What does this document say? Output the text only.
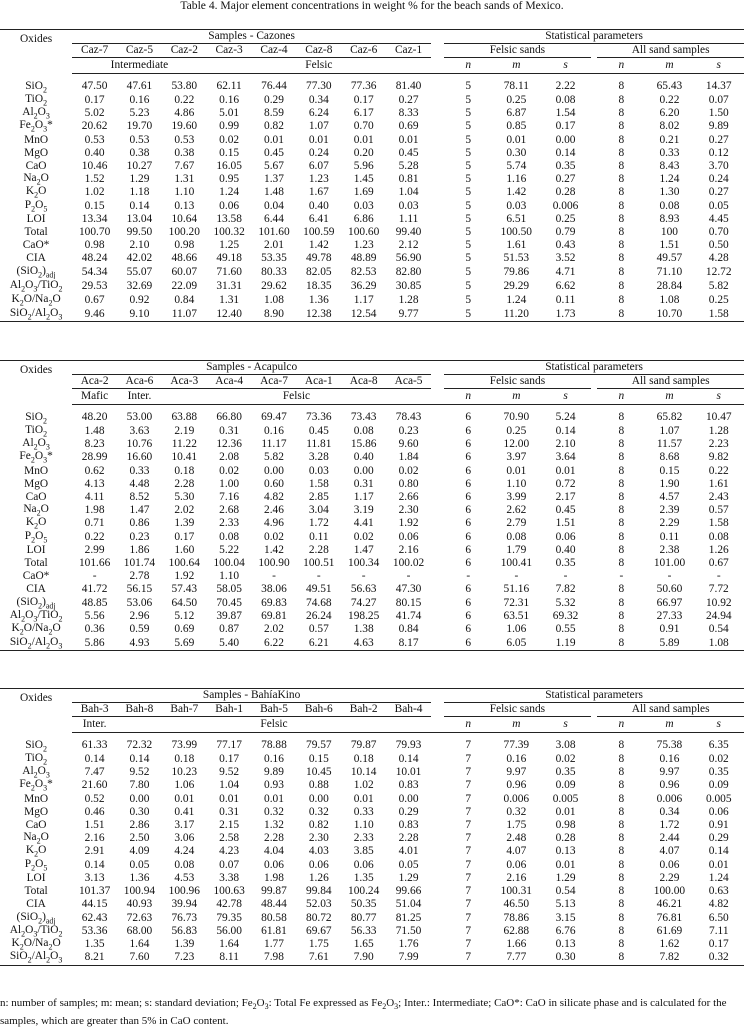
Table 4. Major element concentrations in weight % for the beach sands of Mexico.
Oxides	Samples - Cazones									Statistical parameters						
	Caz-7	Caz-5	Caz-2	Caz-3	Caz-4	Caz-8	Caz-6	Caz-1		Felsic sands				All sand samples		
	Intermediate			Felsic						n	m	s		n	m	s

SiO$_2$	47.50	47.61	53.80	62.11	76.44	77.30	77.36	81.40		5	78.11	2.22		8	65.43	14.37
TiO$_2$	0.17	0.16	0.22	0.16	0.29	0.34	0.17	0.27		5	0.25	0.08		8	0.22	0.07
$Al_2O_3$	5.02	5.23	4.86	5.01	8.59	6.24	6.17	8.33		5	6.87	1.54		8	6.20	1.50
$Fe_2O_3*$	20.62	19.70	19.60	0.99	0.82	1.07	0.70	0.69		5	0.85	0.17		8	8.02	9.89
MnO	0.53	0.53	0.53	0.02	0.01	0.01	0.01	0.01		5	0.01	0.00		8	0.21	0.27
MgO	0.40	0.38	0.38	0.15	0.45	0.24	0.20	0.45		5	0.30	0.14		8	0.33	0.12
CaO	10.46	10.27	7.67	16.05	5.67	6.07	5.96	5.28		5	5.74	0.35		8	8.43	3.70
$Na_2O$	1.52	1.29	1.31	0.95	1.37	1.23	1.45	0.81		5	1.16	0.27		8	1.24	0.24
$K_2O$	1.02	1.18	1.10	1.24	1.48	1.67	1.69	1.04		5	1.42	0.28		8	1.30	0.27
$P_2O_5$	0.15	0.14	0.13	0.06	0.04	0.40	0.03	0.03		5	0.03	0.006		8	0.08	0.05
LOI	13.34	13.04	10.64	13.58	6.44	6.41	6.86	1.11		5	6.51	0.25		8	8.93	4.45
Total	100.70	99.50	100.20	100.32	101.60	100.59	100.60	99.40		5	100.50	0.79		8	100	0.70
CaO*	0.98	2.10	0.98	1.25	2.01	1.42	1.23	2.12		5	1.61	0.43		8	1.51	0.50
CIA	48.24	42.02	48.66	49.18	53.35	49.78	48.89	56.90		5	51.53	3.52		8	49.57	4.28
$(SiO_2)_{adj}$	54.34	55.07	60.07	71.60	80.33	82.05	82.53	82.80		5	79.86	4.71		8	71.10	12.72
$Al_2O_3/TiO_2$	29.53	32.69	22.09	31.31	29.62	18.35	36.29	30.85		5	29.29	6.62		8	28.84	5.82
$K_2O/Na_2O$	0.67	0.92	0.84	1.31	1.08	1.36	1.17	1.28		5	1.24	0.11		8	1.08	0.25
$SiO_2/Al_2O_3$	9.46	9.10	11.07	12.40	8.90	12.38	12.54	9.77		5	11.20	1.73		8	10.70	1.58
Oxides	Samples - Acapulco									Statistical parameters						
	Aca-2	Aca-6	Aca-3	Aca-4	Aca-7	Aca-1	Aca-8	Aca-5		Felsic sands				All sand samples		
	Mafic	Inter.	Felsic							n	m	s		n	m	s

SiO$_2$	48.20	53.00	63.88	66.80	69.47	73.36	73.43	78.43		6	70.90	5.24		8	65.82	10.47
TiO$_2$	1.48	3.63	2.19	0.31	0.16	0.45	0.08	0.23		6	0.25	0.14		8	1.07	1.28
$Al_2O_3$	8.23	10.76	11.22	12.36	11.17	11.81	15.86	9.60		6	12.00	2.10		8	11.57	2.23
$Fe_2O_3*$	28.99	16.60	10.41	2.08	5.82	3.28	0.40	1.84		6	3.97	3.64		8	8.68	9.82
MnO	0.62	0.33	0.18	0.02	0.00	0.03	0.00	0.02		6	0.01	0.01		8	0.15	0.22
MgO	4.13	4.48	2.28	1.00	0.60	1.58	0.31	0.80		6	1.10	0.72		8	1.90	1.61
CaO	4.11	8.52	5.30	7.16	4.82	2.85	1.17	2.66		6	3.99	2.17		8	4.57	2.43
$Na_2O$	1.98	1.47	2.02	2.68	2.46	3.04	3.19	2.30		6	2.62	0.45		8	2.39	0.57
$K_2O$	0.71	0.86	1.39	2.33	4.96	1.72	4.41	1.92		6	2.79	1.51		8	2.29	1.58
$P_2O_5$	0.22	0.23	0.17	0.08	0.02	0.11	0.02	0.06		6	0.08	0.06		8	0.11	0.08
LOI	2.99	1.86	1.60	5.22	1.42	2.28	1.47	2.16		6	1.79	0.40		8	2.38	1.26
Total	101.66	101.74	100.64	100.04	100.90	100.51	100.34	100.02		6	100.41	0.35		8	101.00	0.67
CaO*	-	2.78	1.92	1.10	-	-	-	-		-	-	-		-	-	-
CIA	41.72	56.15	57.43	58.05	38.06	49.51	56.63	47.30		6	51.16	7.82		8	50.60	7.72
$(SiO_2)_{adj}$	48.85	53.06	64.50	70.45	69.83	74.68	74.27	80.15		6	72.31	5.32		8	66.97	10.92
$Al_2O_3/TiO_2$	5.56	2.96	5.12	39.87	69.81	26.24	198.25	41.74		6	63.51	69.32		8	27.33	24.94
$K_2O/Na_2O$	0.36	0.59	0.69	0.87	2.02	0.57	1.38	0.84		6	1.06	0.55		8	0.91	0.54
$SiO_2/Al_2O_3$	5.86	4.93	5.69	5.40	6.22	6.21	4.63	8.17		6	6.05	1.19		8	5.89	1.08
Oxides	Samples - BahíaKino									Statistical parameters						
	Bah-3	Bah-8	Bah-7	Bah-1	Bah-5	Bah-6	Bah-2	Bah-4		Felsic sands				All sand samples		
	Inter.	Felsic								n	m	s		n	m	s

SiO$_2$	61.33	72.32	73.99	77.17	78.88	79.57	79.87	79.93		7	77.39	3.08		8	75.38	6.35
TiO$_2$	0.14	0.14	0.18	0.17	0.16	0.15	0.18	0.14		7	0.16	0.02		8	0.16	0.02
$Al_2O_3$	7.47	9.52	10.23	9.52	9.89	10.45	10.14	10.01		7	9.97	0.35		8	9.97	0.35
$Fe_2O_3*$	21.60	7.80	1.06	1.04	0.93	0.88	1.02	0.83		7	0.96	0.09		8	0.96	0.09
MnO	0.52	0.00	0.01	0.01	0.01	0.00	0.01	0.00		7	0.006	0.005		8	0.006	0.005
MgO	0.46	0.30	0.41	0.31	0.32	0.32	0.33	0.29		7	0.32	0.01		8	0.34	0.06
CaO	1.51	2.86	3.17	2.15	1.32	0.82	1.10	0.83		7	1.75	0.98		8	1.72	0.91
$Na_2O$	2.16	2.50	3.06	2.58	2.28	2.30	2.33	2.28		7	2.48	0.28		8	2.44	0.29
$K_2O$	2.91	4.09	4.24	4.23	4.04	4.03	3.85	4.01		7	4.07	0.13		8	4.07	0.14
$P_2O_5$	0.14	0.05	0.08	0.07	0.06	0.06	0.06	0.05		7	0.06	0.01		8	0.06	0.01
LOI	3.13	1.36	4.53	3.38	1.98	1.26	1.35	1.29		7	2.16	1.29		8	2.29	1.24
Total	101.37	100.94	100.96	100.63	99.87	99.84	100.24	99.66		7	100.31	0.54		8	100.00	0.63
CIA	44.15	40.93	39.94	42.78	48.44	52.03	50.35	51.04		7	46.50	5.13		8	46.21	4.82
$(SiO_2)_{adj}$	62.43	72.63	76.73	79.35	80.58	80.72	80.77	81.25		7	78.86	3.15		8	76.81	6.50
$Al_2O_3/TiO_2$	53.36	68.00	56.83	56.00	61.81	69.67	56.33	71.50		7	62.88	6.76		8	61.69	7.11
$K_2O/Na_2O$	1.35	1.64	1.39	1.64	1.77	1.75	1.65	1.76		7	1.66	0.13		8	1.62	0.17
$SiO_2/Al_2O_3$	8.21	7.60	7.23	8.11	7.98	7.61	7.90	7.99		7	7.77	0.30		8	7.82	0.32
n: number of samples; m: mean; s: standard deviation; $Fe_2O_3$: Total Fe expressed as $Fe_2O_3$; Inter.: Intermediate; CaO*: CaO in silicate phase and is calculated for the samples, which are greater than 5% in CaO content.
